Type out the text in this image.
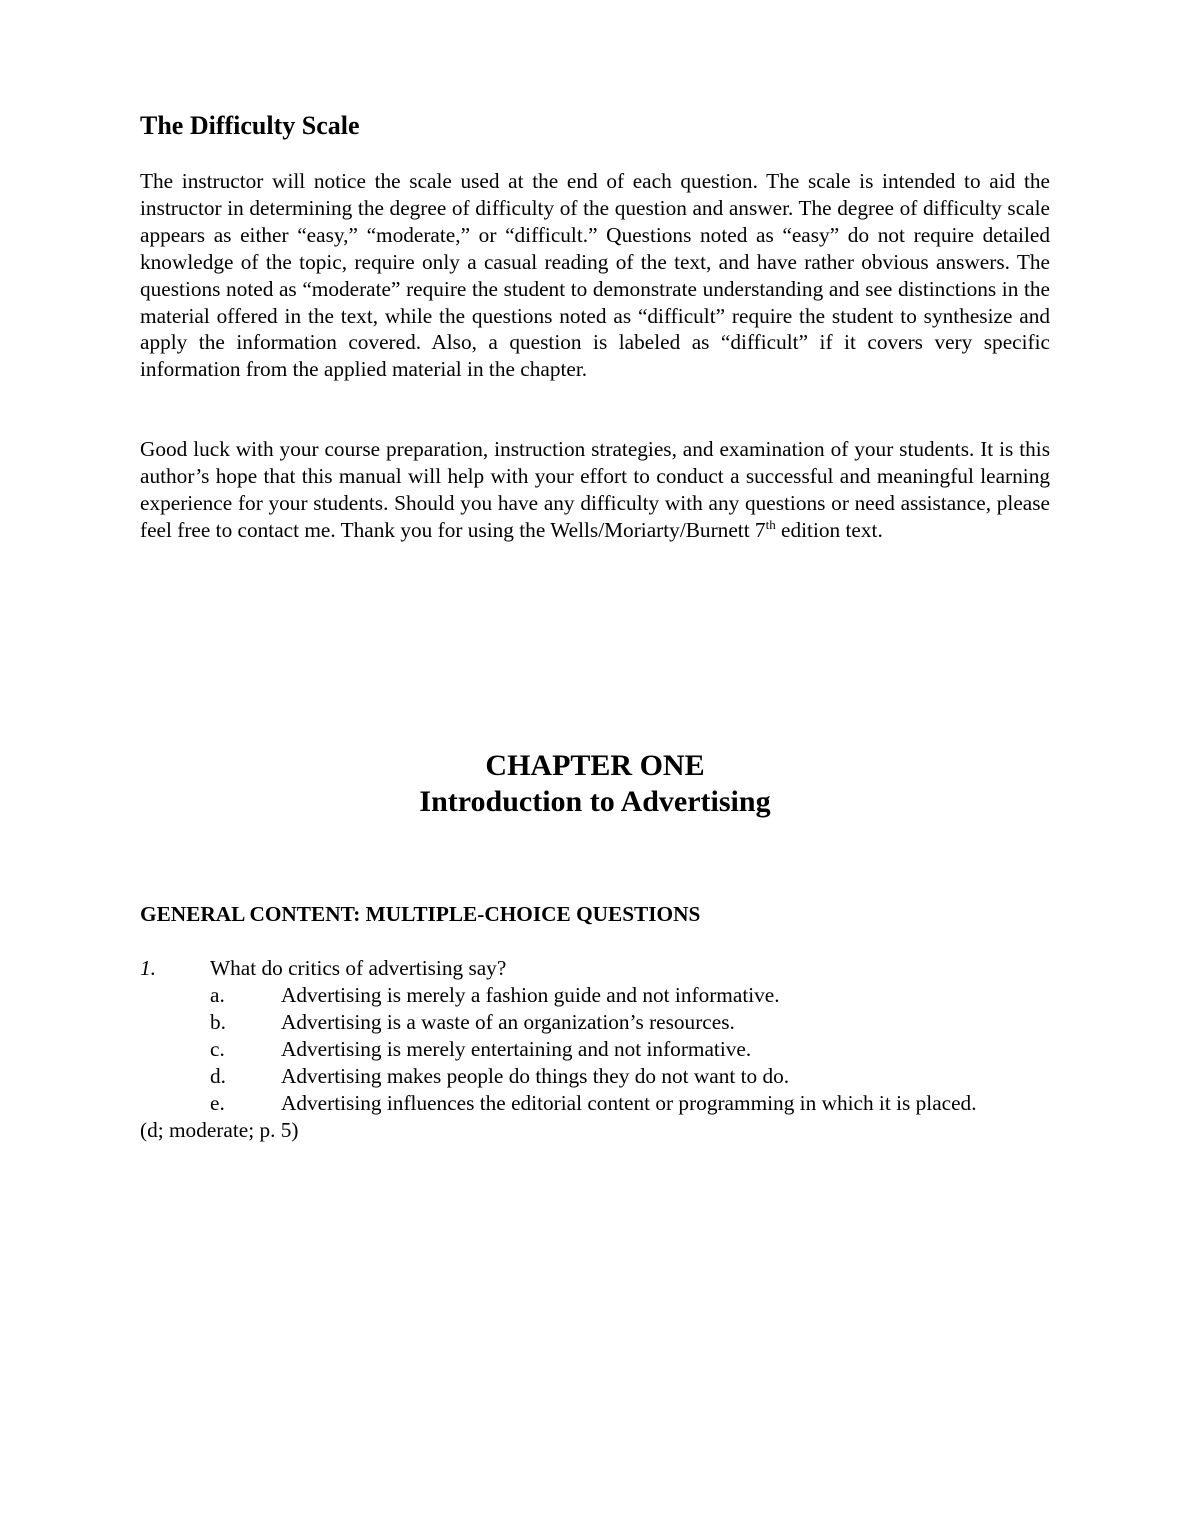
The Difficulty Scale

The instructor will notice the scale used at the end of each question. The scale is intended to aid the instructor in determining the degree of difficulty of the question and answer. The degree of difficulty scale appears as either “easy,” “moderate,” or “difficult.” Questions noted as “easy” do not require detailed knowledge of the topic, require only a casual reading of the text, and have rather obvious answers. The questions noted as “moderate” require the student to demonstrate understanding and see distinctions in the material offered in the text, while the questions noted as “difficult” require the student to synthesize and apply the information covered. Also, a question is labeled as “difficult” if it covers very specific information from the applied material in the chapter.

Good luck with your course preparation, instruction strategies, and examination of your students. It is this author’s hope that this manual will help with your effort to conduct a successful and meaningful learning experience for your students. Should you have any difficulty with any questions or need assistance, please feel free to contact me. Thank you for using the Wells/Moriarty/Burnett 7th edition text.

CHAPTER ONE
Introduction to Advertising
GENERAL CONTENT: MULTIPLE-CHOICE QUESTIONS
1.	What do critics of advertising say?
a.	Advertising is merely a fashion guide and not informative.
b.	Advertising is a waste of an organization’s resources.
c.	Advertising is merely entertaining and not informative.
d.	Advertising makes people do things they do not want to do.
e.	Advertising influences the editorial content or programming in which it is placed.
(d; moderate; p. 5)
